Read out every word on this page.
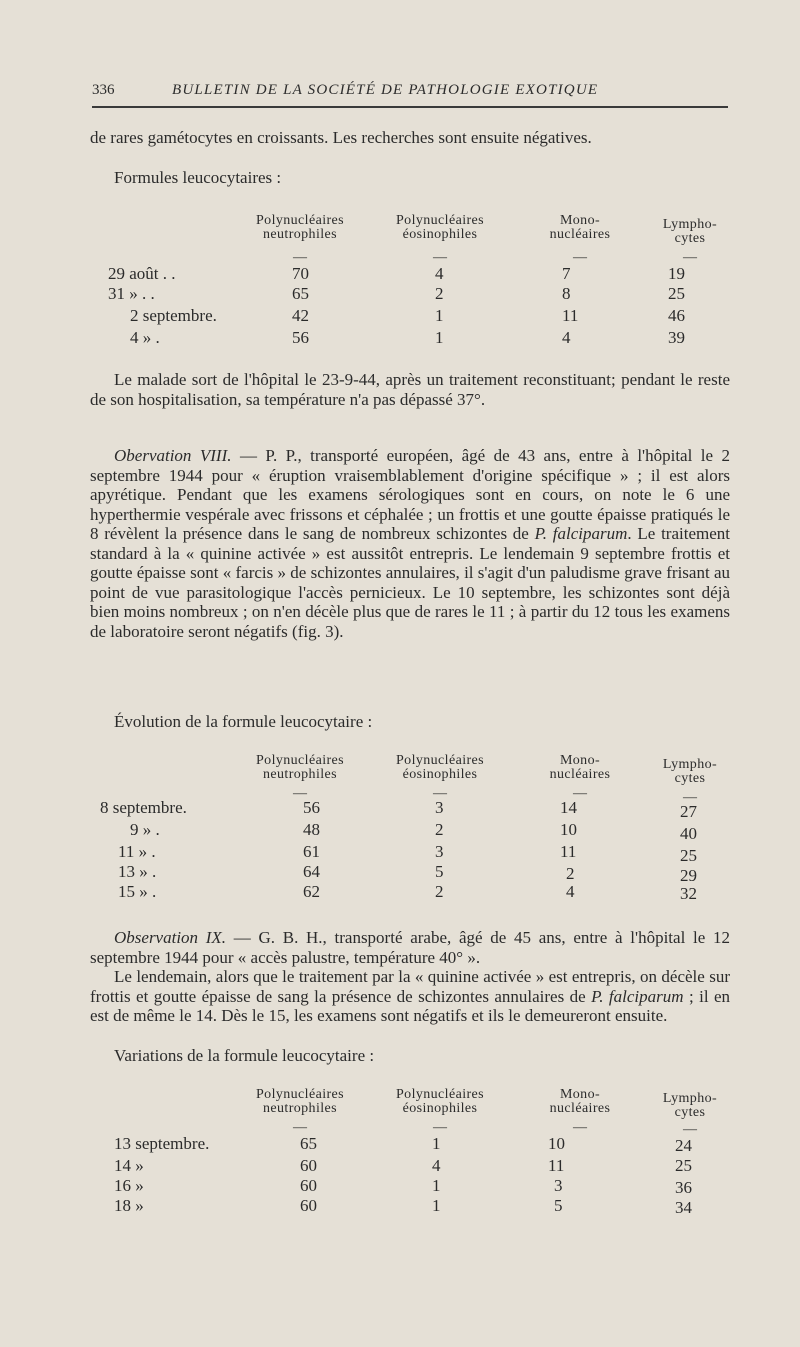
336	BULLETIN DE LA SOCIÉTÉ DE PATHOLOGIE EXOTIQUE

de rares gamétocytes en croissants. Les recherches sont ensuite négatives.

Formules leucocytaires :
Polynucléaires
neutrophiles
Polynucléaires
éosinophiles
Mono-
nucléaires
Lympho-
cytes
—	—	—	—
29 août . .	70	4	7	19
31 » . .	65	2	8	25
2 septembre.	42	1	11	46
4 » .	56	1	4	39

Le malade sort de l'hôpital le 23-9-44, après un traitement reconstituant; pendant le reste de son hospitalisation, sa température n'a pas dépassé 37°.

Obervation VIII. — P. P., transporté européen, âgé de 43 ans, entre à l'hôpital le 2 septembre 1944 pour « éruption vraisemblablement d'origine spécifique » ; il est alors apyrétique. Pendant que les examens sérologiques sont en cours, on note le 6 une hyperthermie vespérale avec frissons et céphalée ; un frottis et une goutte épaisse pratiqués le 8 révèlent la présence dans le sang de nombreux schizontes de P. falciparum. Le traitement standard à la « quinine activée » est aussitôt entrepris. Le lendemain 9 septembre frottis et goutte épaisse sont « farcis » de schizontes annulaires, il s'agit d'un paludisme grave frisant au point de vue parasitologique l'accès pernicieux. Le 10 septembre, les schizontes sont déjà bien moins nombreux ; on n'en décèle plus que de rares le 11 ; à partir du 12 tous les examens de laboratoire seront négatifs (fig. 3).

Évolution de la formule leucocytaire :
Polynucléaires
neutrophiles
Polynucléaires
éosinophiles
Mono-
nucléaires
Lympho-
cytes
—	—	—	—
8 septembre.	56	3	14	27
9 » .	48	2	10	40
11 » .	61	3	11	25
13 » .	64	5	2	29
15 » .	62	2	4	32

Observation IX. — G. B. H., transporté arabe, âgé de 45 ans, entre à l'hôpital le 12 septembre 1944 pour « accès palustre, température 40° ».

Le lendemain, alors que le traitement par la « quinine activée » est entrepris, on décèle sur frottis et goutte épaisse de sang la présence de schizontes annulaires de P. falciparum ; il en est de même le 14. Dès le 15, les examens sont négatifs et ils le demeureront ensuite.

Variations de la formule leucocytaire :
Polynucléaires
neutrophiles
Polynucléaires
éosinophiles
Mono-
nucléaires
Lympho-
cytes
—	—	—	—
13 septembre.	65	1	10	24
14 »	60	4	11	25
16 »	60	1	3	36
18 »	60	1	5	34
